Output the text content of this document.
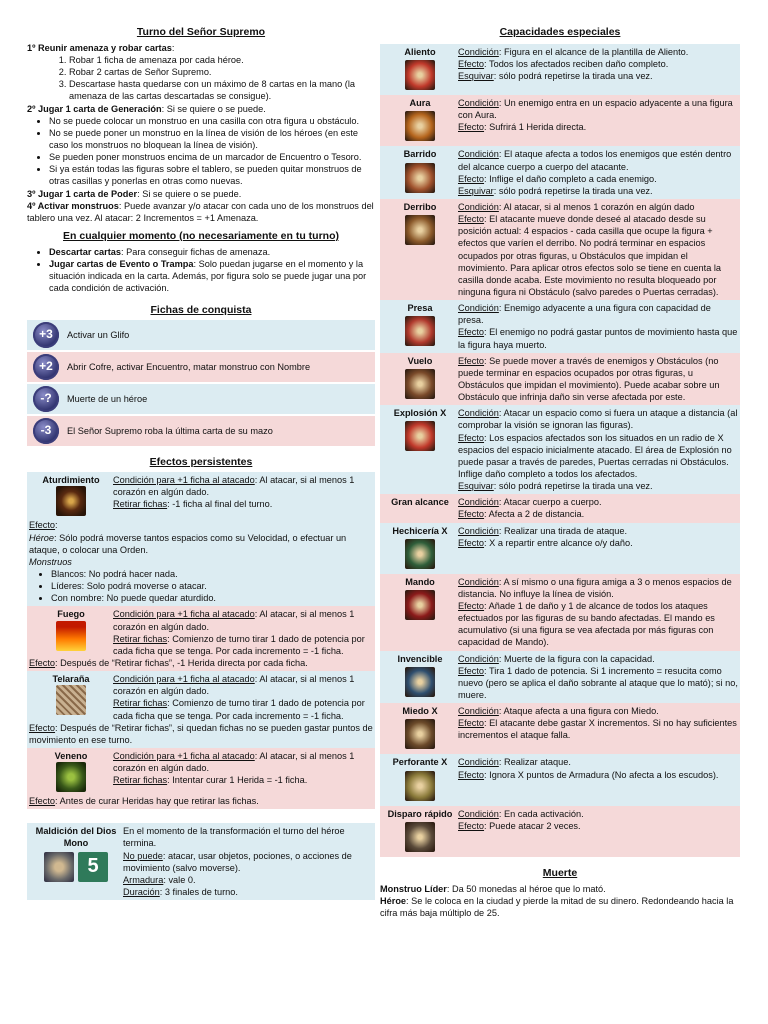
Turno del Señor Supremo

1º Reunir amenaza y robar cartas:

1. Robar 1 ficha de amenaza por cada héroe.
2. Robar 2 cartas de Señor Supremo.
3. Descartase hasta quedarse con un máximo de 8 cartas en la mano (la amenaza de las cartas descartadas se consigue).

2º Jugar 1 carta de Generación: Si se quiere o se puede.

• No se puede colocar un monstruo en una casilla con otra figura u obstáculo.
• No se puede poner un monstruo en la línea de visión de los héroes (en este caso los monstruos no bloquean la línea de visión).
• Se pueden poner monstruos encima de un marcador de Encuentro o Tesoro.
• Si ya están todas las figuras sobre el tablero, se pueden quitar monstruos de otras casillas y ponerlas en otras como nuevas.

3º Jugar 1 carta de Poder: Si se quiere o se puede.

4º Activar monstruos: Puede avanzar y/o atacar con cada uno de los monstruos del tablero una vez. Al atacar: 2 Incrementos = +1 Amenaza.

En cualquier momento (no necesariamente en tu turno)
• Descartar cartas: Para conseguir fichas de amenaza.
• Jugar cartas de Evento o Trampa: Solo puedan jugarse en el momento y la situación indicada en la carta. Además, por figura solo se puede jugar una por cada condición de activación.
Fichas de conquista
+3	Activar un Glifo
+2	Abrir Cofre, activar Encuentro, matar monstruo con Nombre
-?	Muerte de un héroe
-3	El Señor Supremo roba la última carta de su mazo
Efectos persistentes
Aturdimiento	Condición para +1 ficha al atacado: Al atacar, si al menos 1 corazón en algún dado.

Retirar fichas: -1 ficha al final del turno.

Efecto:

Héroe: Sólo podrá moverse tantos espacios como su Velocidad, o efectuar un ataque, o colocar una Orden.

Monstruos

• Blancos: No podrá hacer nada.
• Líderes: Solo podrá moverse o atacar.
• Con nombre: No puede quedar aturdido.
Fuego	Condición para +1 ficha al atacado: Al atacar, si al menos 1 corazón en algún dado.

Retirar fichas: Comienzo de turno tirar 1 dado de potencia por cada ficha que se tenga. Por cada incremento = -1 ficha.

Efecto: Después de “Retirar fichas”, -1 Herida directa por cada ficha.

Telaraña	Condición para +1 ficha al atacado: Al atacar, si al menos 1 corazón en algún dado.

Retirar fichas: Comienzo de turno tirar 1 dado de potencia por cada ficha que se tenga. Por cada incremento = -1 ficha.

Efecto: Después de “Retirar fichas”, si quedan fichas no se pueden gastar puntos de movimiento en ese turno.

Veneno	Condición para +1 ficha al atacado: Al atacar, si al menos 1 corazón en algún dado.

Retirar fichas: Intentar curar 1 Herida = -1 ficha.

Efecto: Antes de curar Heridas hay que retirar las fichas.

Maldición del Dios Mono
5

En el momento de la transformación el turno del héroe termina.

No puede: atacar, usar objetos, pociones, o acciones de movimiento (salvo moverse).

Armadura: vale 0.

Duración: 3 finales de turno.

Capacidades especiales
Aliento	Condición: Figura en el alcance de la plantilla de Aliento.

Efecto: Todos los afectados reciben daño completo.

Esquivar: sólo podrá repetirse la tirada una vez.

Aura	Condición: Un enemigo entra en un espacio adyacente a una figura con Aura.

Efecto: Sufrirá 1 Herida directa.

Barrido	Condición: El ataque afecta a todos los enemigos que estén dentro del alcance cuerpo a cuerpo del atacante.

Efecto: Inflige el daño completo a cada enemigo.

Esquivar: sólo podrá repetirse la tirada una vez.

Derribo	Condición: Al atacar, si al menos 1 corazón en algún dado

Efecto: El atacante mueve donde deseé al atacado desde su posición actual: 4 espacios - cada casilla que ocupe la figura + efectos que varíen el derribo. No podrá terminar en espacios ocupados por otras figuras, u Obstáculos que impidan el movimiento. Para aplicar otros efectos solo se tiene en cuenta la casilla donde acaba. Este movimiento no resulta bloqueado por ninguna figura ni Obstáculo (salvo paredes o Puertas cerradas).

Presa	Condición: Enemigo adyacente a una figura con capacidad de presa.

Efecto: El enemigo no podrá gastar puntos de movimiento hasta que la figura haya muerto.

Vuelo	Efecto: Se puede mover a través de enemigos y Obstáculos (no puede terminar en espacios ocupados por otras figuras, u Obstáculos que impidan el movimiento). Puede acabar sobre un Obstáculo que infrinja daño sin verse afectada por este.

Explosión X	Condición: Atacar un espacio como si fuera un ataque a distancia (al comprobar la visión se ignoran las figuras).

Efecto: Los espacios afectados son los situados en un radio de X espacios del espacio inicialmente atacado. El área de Explosión no puede pasar a través de paredes, Puertas cerradas ni Obstáculos. Inflige daño completo a todos los afectados.

Esquivar: sólo podrá repetirse la tirada una vez.

Gran alcance Condición: Atacar cuerpo a cuerpo.

Efecto: Afecta a 2 de distancia.

Hechicería X	Condición: Realizar una tirada de ataque.

Efecto: X a repartir entre alcance o/y daño.

Mando	Condición: A sí mismo o una figura amiga a 3 o menos espacios de distancia. No influye la línea de visión.

Efecto: Añade 1 de daño y 1 de alcance de todos los ataques efectuados por las figuras de su bando afectadas. El mando es acumulativo (si una figura se vea afectada por más figuras con capacidad de Mando).

Invencible	Condición: Muerte de la figura con la capacidad.

Efecto: Tira 1 dado de potencia. Si 1 incremento = resucita como nuevo (pero se aplica el daño sobrante al ataque que lo mató); si no, muere.

Miedo X	Condición: Ataque afecta a una figura con Miedo.

Efecto: El atacante debe gastar X incrementos. Si no hay suficientes incrementos el ataque falla.

Perforante X	Condición: Realizar ataque.

Efecto: Ignora X puntos de Armadura (No afecta a los escudos).

Disparo rápido Condición: En cada activación.

Efecto: Puede atacar 2 veces.

Muerte

Monstruo Líder: Da 50 monedas al héroe que lo mató.

Héroe: Se le coloca en la ciudad y pierde la mitad de su dinero. Redondeando hacia la cifra más baja múltiplo de 25.
